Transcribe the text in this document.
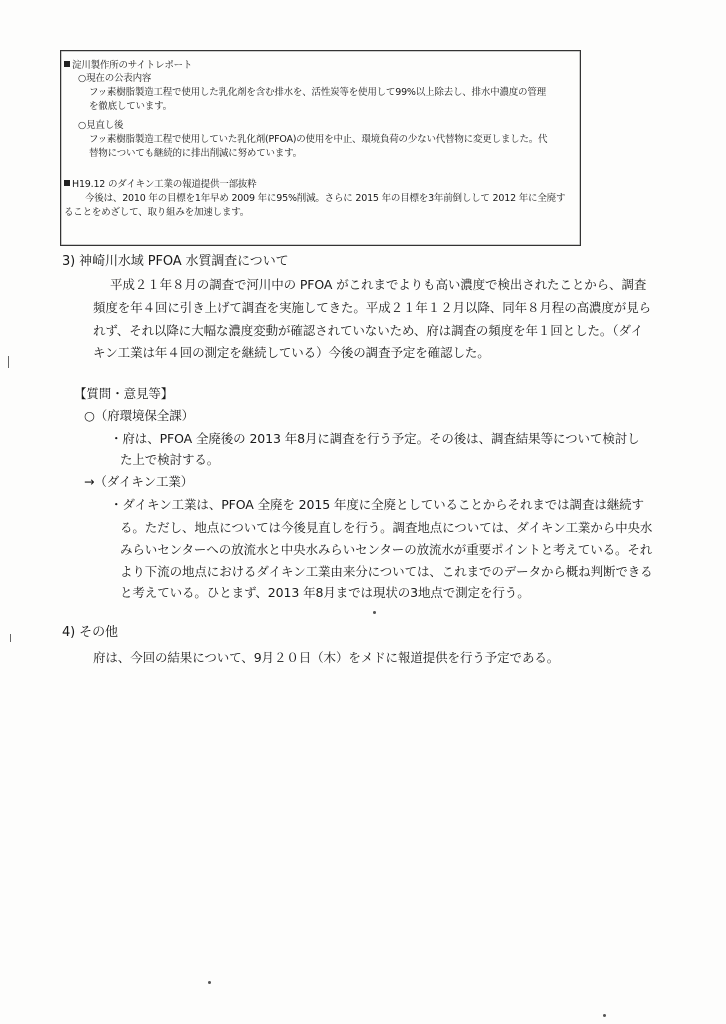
淀川製作所のサイトレポート
○現在の公表内容
フッ素樹脂製造工程で使用した乳化剤を含む排水を、活性炭等を使用して99%以上除去し、排水中濃度の管理
を徹底しています。
○見直し後
フッ素樹脂製造工程で使用していた乳化剤(PFOA)の使用を中止、環境負荷の少ない代替物に変更しました。代
替物についても継続的に排出削減に努めています。
H19.12 のダイキン工業の報道提供一部抜粋
今後は、2010 年の目標を1年早め 2009 年に95%削減。さらに 2015 年の目標を3年前倒しして 2012 年に全廃す
ることをめざして、取り組みを加速します。
3) 神崎川水域 PFOA 水質調査について
平成２１年８月の調査で河川中の PFOA がこれまでよりも高い濃度で検出されたことから、調査
頻度を年４回に引き上げて調査を実施してきた。平成２１年１２月以降、同年８月程の高濃度が見ら
れず、それ以降に大幅な濃度変動が確認されていないため、府は調査の頻度を年１回とした。（ダイ
キン工業は年４回の測定を継続している）今後の調査予定を確認した。
【質問・意見等】
○（府環境保全課）
・府は、PFOA 全廃後の 2013 年8月に調査を行う予定。その後は、調査結果等について検討し
た上で検討する。
→（ダイキン工業）
・ダイキン工業は、PFOA 全廃を 2015 年度に全廃としていることからそれまでは調査は継続す
る。ただし、地点については今後見直しを行う。調査地点については、ダイキン工業から中央水
みらいセンターへの放流水と中央水みらいセンターの放流水が重要ポイントと考えている。それ
より下流の地点におけるダイキン工業由来分については、これまでのデータから概ね判断できる
と考えている。ひとまず、2013 年8月までは現状の3地点で測定を行う。
4) その他
府は、今回の結果について、9月２０日（木）をメドに報道提供を行う予定である。
